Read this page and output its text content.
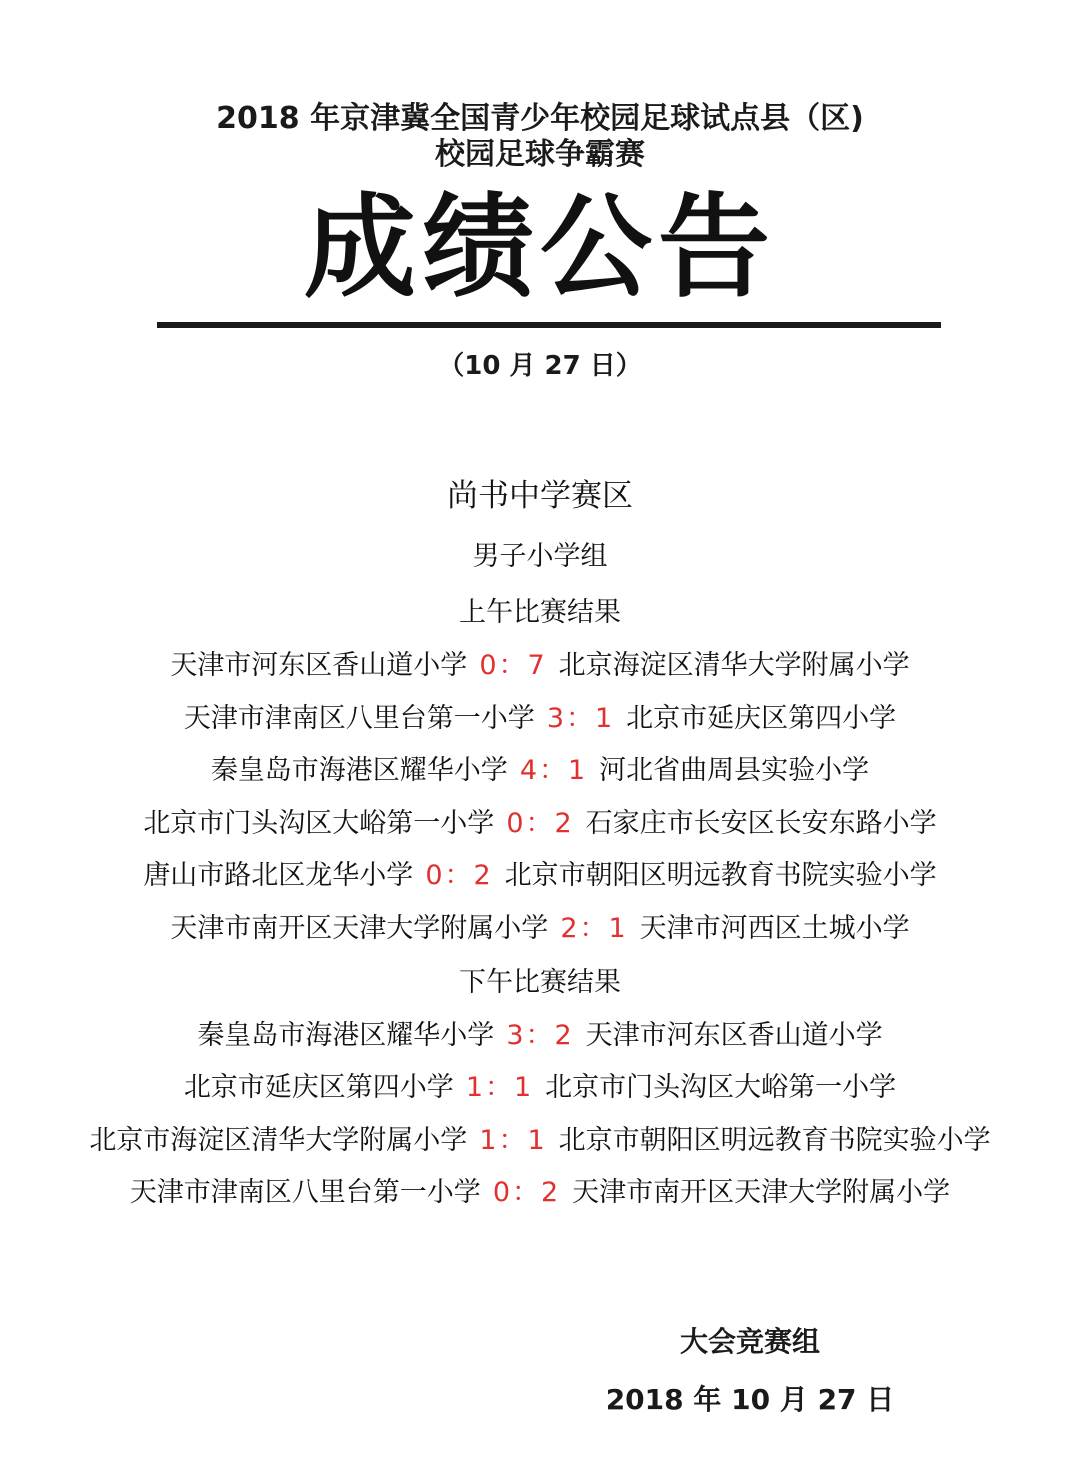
2018 年京津冀全国青少年校园足球试点县（区)
校园足球争霸赛
成绩公告
（10 月 27 日）
尚书中学赛区
男子小学组
上午比赛结果
天津市河东区香山道小学 0：7 北京海淀区清华大学附属小学
天津市津南区八里台第一小学 3：1 北京市延庆区第四小学
秦皇岛市海港区耀华小学 4：1 河北省曲周县实验小学
北京市门头沟区大峪第一小学 0：2 石家庄市长安区长安东路小学
唐山市路北区龙华小学 0：2 北京市朝阳区明远教育书院实验小学
天津市南开区天津大学附属小学 2：1 天津市河西区土城小学
下午比赛结果
秦皇岛市海港区耀华小学 3：2 天津市河东区香山道小学
北京市延庆区第四小学 1：1 北京市门头沟区大峪第一小学
北京市海淀区清华大学附属小学 1：1 北京市朝阳区明远教育书院实验小学
天津市津南区八里台第一小学 0：2 天津市南开区天津大学附属小学
大会竞赛组
2018 年 10 月 27 日
